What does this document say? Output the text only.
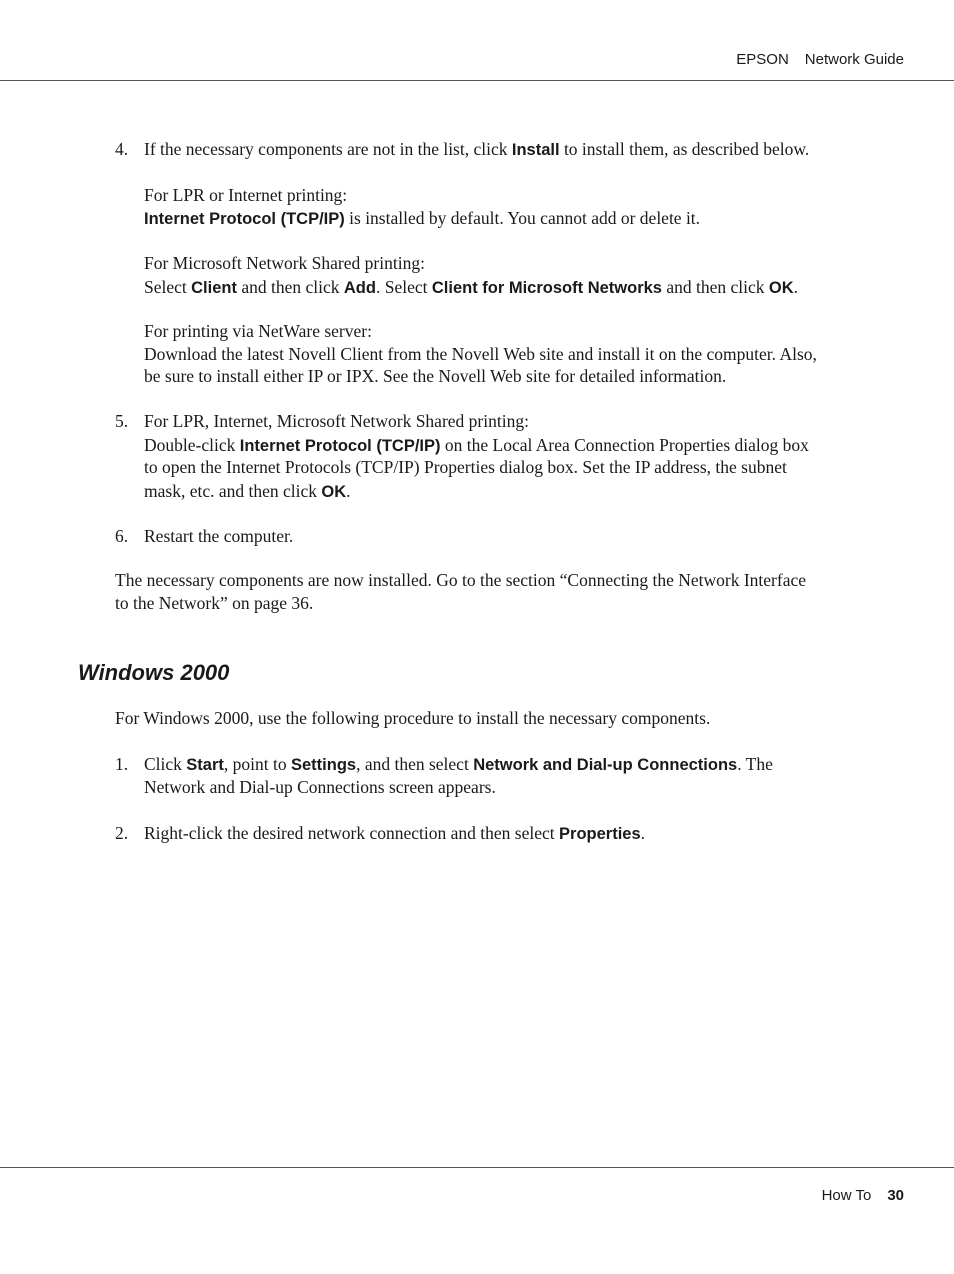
EPSON Network Guide
4. If the necessary components are not in the list, click Install to install them, as described below.
For LPR or Internet printing:
Internet Protocol (TCP/IP) is installed by default. You cannot add or delete it.
For Microsoft Network Shared printing:
Select Client and then click Add. Select Client for Microsoft Networks and then click OK.
For printing via NetWare server:
Download the latest Novell Client from the Novell Web site and install it on the computer. Also,
be sure to install either IP or IPX. See the Novell Web site for detailed information.
5. For LPR, Internet, Microsoft Network Shared printing:
Double-click Internet Protocol (TCP/IP) on the Local Area Connection Properties dialog box
to open the Internet Protocols (TCP/IP) Properties dialog box. Set the IP address, the subnet
mask, etc. and then click OK.
6. Restart the computer.
The necessary components are now installed. Go to the section “Connecting the Network Interface
to the Network” on page 36.
Windows 2000
For Windows 2000, use the following procedure to install the necessary components.
1. Click Start, point to Settings, and then select Network and Dial-up Connections. The
Network and Dial-up Connections screen appears.
2. Right-click the desired network connection and then select Properties.
How To 30
